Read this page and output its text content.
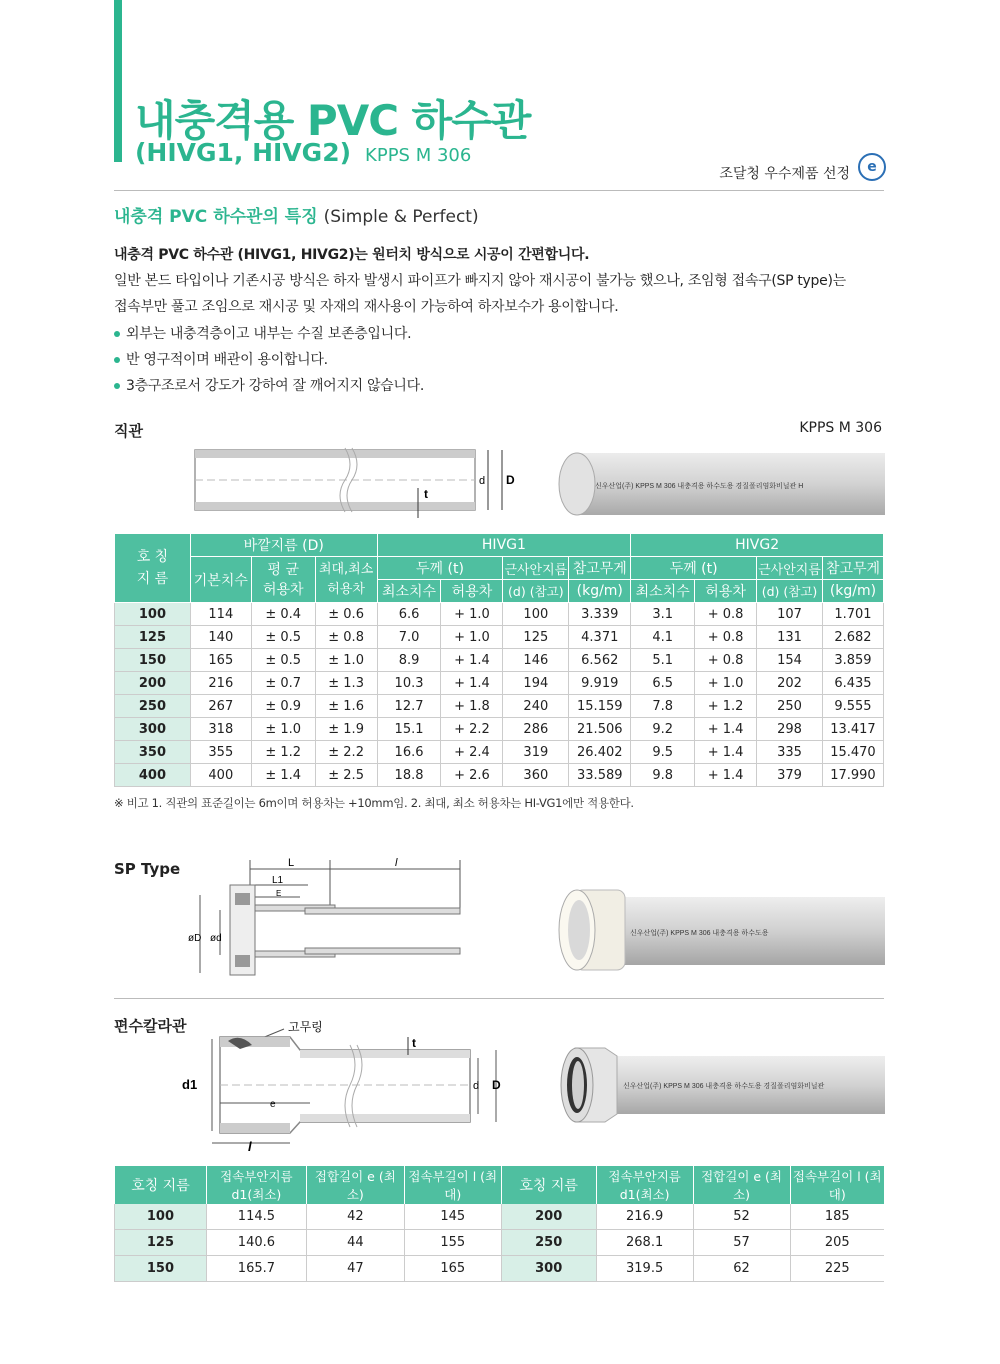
내충격용 PVC 하수관
(HIVG1, HIVG2) KPPS M 306
조달청 우수제품 선정	e
내충격 PVC 하수관의 특징 (Simple & Perfect)
내충격 PVC 하수관 (HIVG1, HIVG2)는 원터치 방식으로 시공이 간편합니다.
일반 본드 타입이나 기존시공 방식은 하자 발생시 파이프가 빠지지 않아 재시공이 불가능 했으나, 조임형 접속구(SP type)는
접속부만 풀고 조임으로 재시공 및 자재의 재사용이 가능하여 하자보수가 용이합니다.
외부는 내충격층이고 내부는 수질 보존층입니다.
반 영구적이며 배관이 용이합니다.
3층구조로서 강도가 강하여 잘 깨어지지 않습니다.
직관	KPPS M 306
d D
t
신우산업(주) KPPS M 306 내충격용 하수도용 경질폴리염화비닐관 H
호 칭
지 름	바깥지름 (D)			HIVG1				HIVG2			
	기본치수	평 균
허용차	최대,최소
허용차	두께 (t)		근사안지름	참고무게	두께 (t)		근사안지름	참고무게
				최소치수	허용차	(d) (참고)	(kg/m)	최소치수	허용차	(d) (참고)	(kg/m)
100	114	± 0.4	± 0.6	6.6	+ 1.0	100	3.339	3.1	+ 0.8	107	1.701
125	140	± 0.5	± 0.8	7.0	+ 1.0	125	4.371	4.1	+ 0.8	131	2.682
150	165	± 0.5	± 1.0	8.9	+ 1.4	146	6.562	5.1	+ 0.8	154	3.859
200	216	± 0.7	± 1.3	10.3	+ 1.4	194	9.919	6.5	+ 1.0	202	6.435
250	267	± 0.9	± 1.6	12.7	+ 1.8	240	15.159	7.8	+ 1.2	250	9.555
300	318	± 1.0	± 1.9	15.1	+ 2.2	286	21.506	9.2	+ 1.4	298	13.417
350	355	± 1.2	± 2.2	16.6	+ 2.4	319	26.402	9.5	+ 1.4	335	15.470
400	400	± 1.4	± 2.5	18.8	+ 2.6	360	33.589	9.8	+ 1.4	379	17.990
※ 비고 1. 직관의 표준길이는 6m이며 허용차는 +10mm임. 2. 최대, 최소 허용차는 HI-VG1에만 적용한다.
SP Type	L	l
L1
E
øD ød	신우산업(주) KPPS M 306 내충격용 하수도용
편수칼라관	고무링
t
d1	d D
e
l
신우산업(주) KPPS M 306 내충격용 하수도용 경질폴리염화비닐관
호칭 지름	접속부안지름 d1(최소)	접합길이 e (최소)	접속부길이 l (최대)	호칭 지름	접속부안지름 d1(최소)	접합길이 e (최소)	접속부길이 l (최대)
100	114.5	42	145	200	216.9	52	185
125	140.6	44	155	250	268.1	57	205
150	165.7	47	165	300	319.5	62	225
